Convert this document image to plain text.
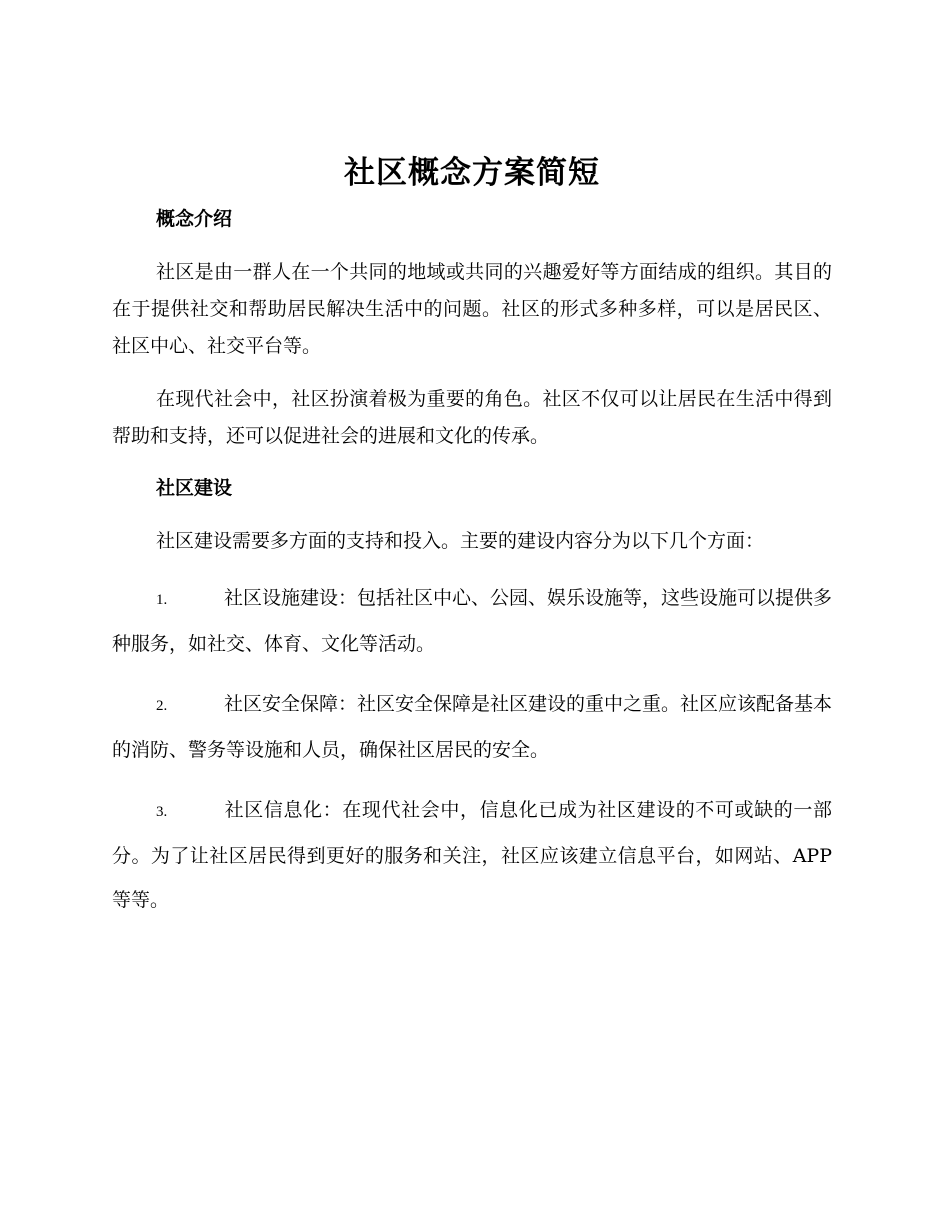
社区概念方案简短
概念介绍

社区是由一群人在一个共同的地域或共同的兴趣爱好等方面结成的组织。其目的在于提供社交和帮助居民解决生活中的问题。社区的形式多种多样，可以是居民区、社区中心、社交平台等。

在现代社会中，社区扮演着极为重要的角色。社区不仅可以让居民在生活中得到帮助和支持，还可以促进社会的进展和文化的传承。

社区建设

社区建设需要多方面的支持和投入。主要的建设内容分为以下几个方面：

1.	社区设施建设：包括社区中心、公园、娱乐设施等，这些设施可以提供多种服务，如社交、体育、文化等活动。

2.	社区安全保障：社区安全保障是社区建设的重中之重。社区应该配备基本的消防、警务等设施和人员，确保社区居民的安全。

3.	社区信息化：在现代社会中，信息化已成为社区建设的不可或缺的一部分。为了让社区居民得到更好的服务和关注，社区应该建立信息平台，如网站、APP 等等。
